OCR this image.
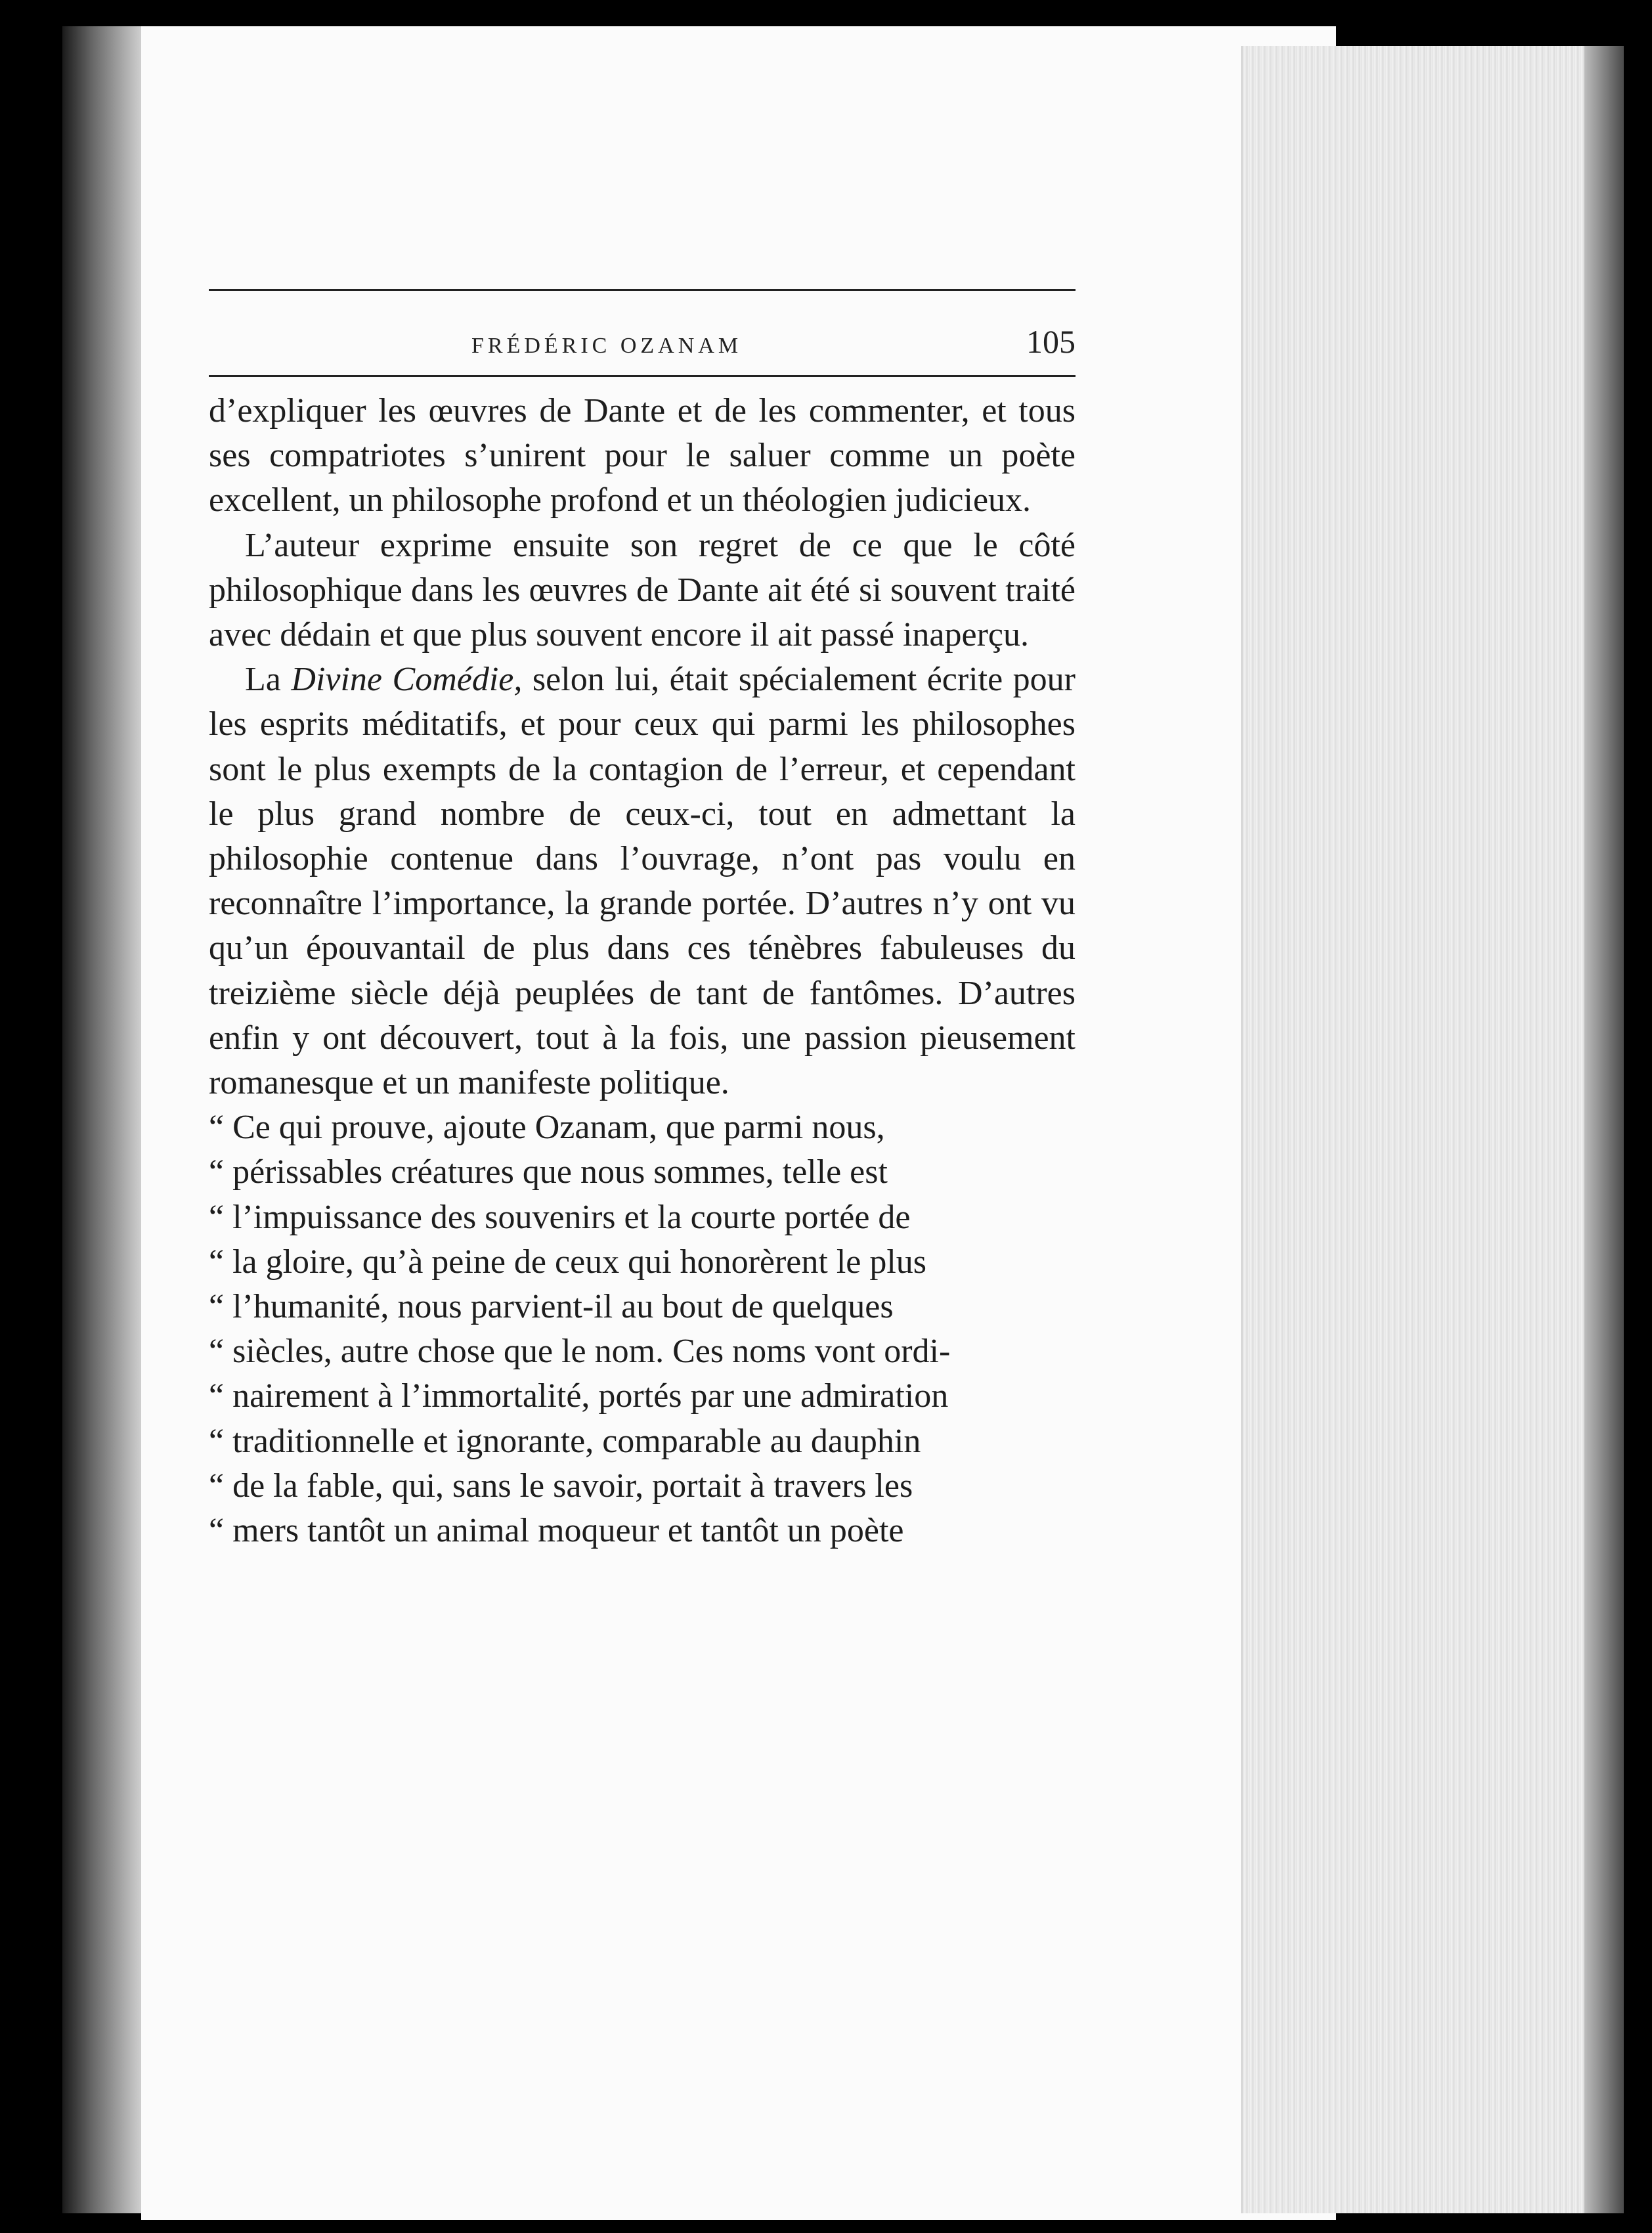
FRÉDÉRIC OZANAM	105

d’expliquer les œuvres de Dante et de les commenter, et tous ses compatriotes s’unirent pour le saluer comme un poète excellent, un philosophe profond et un théologien judicieux.

L’auteur exprime ensuite son regret de ce que le côté philosophique dans les œuvres de Dante ait été si souvent traité avec dédain et que plus souvent encore il ait passé inaperçu.

La Divine Comédie, selon lui, était spécialement écrite pour les esprits méditatifs, et pour ceux qui parmi les philosophes sont le plus exempts de la contagion de l’erreur, et cependant le plus grand nombre de ceux-ci, tout en admettant la philosophie contenue dans l’ouvrage, n’ont pas voulu en reconnaître l’importance, la grande portée. D’autres n’y ont vu qu’un épouvantail de plus dans ces ténèbres fabuleuses du treizième siècle déjà peuplées de tant de fantômes. D’autres enfin y ont découvert, tout à la fois, une passion pieusement romanesque et un manifeste politique.

“ Ce qui prouve, ajoute Ozanam, que parmi nous,

“ périssables créatures que nous sommes, telle est

“ l’impuissance des souvenirs et la courte portée de

“ la gloire, qu’à peine de ceux qui honorèrent le plus

“ l’humanité, nous parvient-il au bout de quelques

“ siècles, autre chose que le nom. Ces noms vont ordi-

“ nairement à l’immortalité, portés par une admiration

“ traditionnelle et ignorante, comparable au dauphin

“ de la fable, qui, sans le savoir, portait à travers les

“ mers tantôt un animal moqueur et tantôt un poète
